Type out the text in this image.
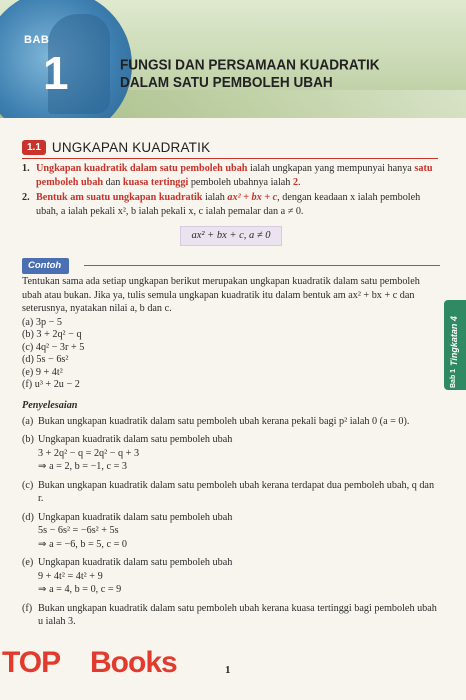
BAB
1	FUNGSI DAN PERSAMAAN KUADRATIK
DALAM SATU PEMBOLEH UBAH
1.1 UNGKAPAN KUADRATIK
1. Ungkapan kuadratik dalam satu pemboleh ubah ialah ungkapan yang mempunyai hanya satu pemboleh ubah dan kuasa tertinggi pemboleh ubahnya ialah 2.
2. Bentuk am suatu ungkapan kuadratik ialah ax² + bx + c, dengan keadaan x ialah pemboleh ubah, a ialah pekali x², b ialah pekali x, c ialah pemalar dan a ≠ 0.
ax² + bx + c, a ≠ 0
Contoh

Tentukan sama ada setiap ungkapan berikut merupakan ungkapan kuadratik dalam satu pemboleh ubah atau bukan. Jika ya, tulis semula ungkapan kuadratik itu dalam bentuk am ax² + bx + c dan seterusnya, nyatakan nilai a, b dan c.

(a) 3p − 5
(b) 3 + 2q² − q
(c) 4q² − 3r + 5
(d) 5s − 6s²
(e) 9 + 4t²
(f) u³ + 2u − 2

Penyelesaian

(a) Bukan ungkapan kuadratik dalam satu pemboleh ubah kerana pekali bagi p² ialah 0 (a = 0).
(b) Ungkapan kuadratik dalam satu pemboleh ubah
3 + 2q² − q = 2q² − q + 3
⇒ a = 2, b = −1, c = 3
(c) Bukan ungkapan kuadratik dalam satu pemboleh ubah kerana terdapat dua pemboleh ubah, q dan r.
(d) Ungkapan kuadratik dalam satu pemboleh ubah
5s − 6s² = −6s² + 5s
⇒ a = −6, b = 5, c = 0
(e) Ungkapan kuadratik dalam satu pemboleh ubah
9 + 4t² = 4t² + 9
⇒ a = 4, b = 0, c = 9
(f) Bukan ungkapan kuadratik dalam satu pemboleh ubah kerana kuasa tertinggi bagi pemboleh ubah u ialah 3.
Tingkatan 4
Bab 1
TOP Books	1
